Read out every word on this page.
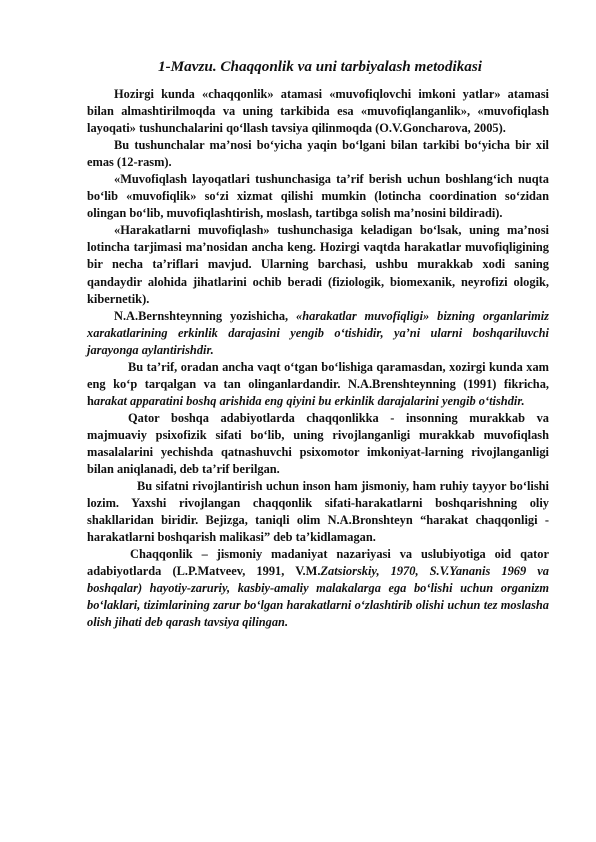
1-Mavzu. Chaqqonlik va uni tarbiyalash metodikasi

Hozirgi kunda «chaqqonlik» atamasi «muvofiqlovchi imkoni yatlar» atamasi bilan almashtirilmoqda va uning tarkibida esa «muvofiqlanganlik», «muvofiqlash layoqati» tushunchalarini qo‘llash tavsiya qilinmoqda (O.V.Goncharova, 2005).

Bu tushunchalar ma’nosi bo‘yicha yaqin bo‘lgani bilan tarkibi bo‘yicha bir xil emas (12-rasm).

«Muvofiqlash layoqatlari tushunchasiga ta’rif berish uchun boshlang‘ich nuqta bo‘lib «muvofiqlik» so‘zi xizmat qilishi mumkin (lotincha coordination so‘zidan olingan bo‘lib, muvofiqlashtirish, moslash, tartibga solish ma’nosini bildiradi).

«Harakatlarni muvofiqlash» tushunchasiga keladigan bo‘lsak, uning ma’nosi lotincha tarjimasi ma’nosidan ancha keng. Hozirgi vaqtda harakatlar muvofiqligining bir necha ta’riflari mavjud. Ularning barchasi, ushbu murakkab xodi saning qandaydir alohida jihatlarini ochib beradi (fiziologik, biomexanik, neyrofizi ologik, kibernetik).

N.A.Bernshteynning yozishicha, «harakatlar muvofiqligi» bizning organlarimiz xarakatlarining erkinlik darajasini yengib o‘tishidir, ya’ni ularni boshqariluvchi jarayonga aylantirishdir.

Bu ta’rif, oradan ancha vaqt o‘tgan bo‘lishiga qaramasdan, xozirgi kunda xam eng ko‘p tarqalgan va tan olinganlardandir. N.A.Brenshteynning (1991) fikricha, harakat apparatini boshq arishida eng qiyini bu erkinlik darajalarini yengib o‘tishdir.

Qator boshqa adabiyotlarda chaqqonlikka - insonning murakkab va majmuaviy psixofizik sifati bo‘lib, uning rivojlanganligi murakkab muvofiqlash masalalarini yechishda qatnashuvchi psixomotor imkoniyat-larning rivojlanganligi bilan aniqlanadi, deb ta’rif berilgan.

Bu sifatni rivojlantirish uchun inson ham jismoniy, ham ruhiy tayyor bo‘lishi lozim. Yaxshi rivojlangan chaqqonlik sifati-harakatlarni boshqarishning oliy shakllaridan biridir. Bejizga, taniqli olim N.A.Bronshteyn “harakat chaqqonligi - harakatlarni boshqarish malikasi” deb ta’kidlamagan.

Chaqqonlik – jismoniy madaniyat nazariyasi va uslubiyotiga oid qator adabiyotlarda (L.P.Matveev, 1991, V.M.Zatsiorskiy, 1970, S.V.Yananis 1969 va boshqalar) hayotiy-zaruriy, kasbiy-amaliy malakalarga ega bo‘lishi uchun organizm bo‘laklari, tizimlarining zarur bo‘lgan harakatlarni o‘zlashtirib olishi uchun tez moslasha olish jihati deb qarash tavsiya qilingan.
